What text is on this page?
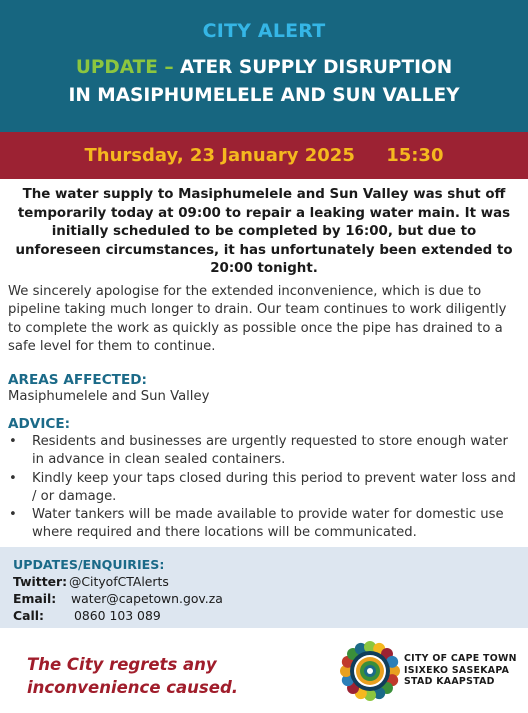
CITY ALERT
UPDATE – ATER SUPPLY DISRUPTION
IN MASIPHUMELELE AND SUN VALLEY
Thursday, 23 January 2025 15:30
The water supply to Masiphumelele and Sun Valley was shut off temporarily today at 09:00 to repair a leaking water main. It was initially scheduled to be completed by 16:00, but due to unforeseen circumstances, it has unfortunately been extended to 20:00 tonight.
We sincerely apologise for the extended inconvenience, which is due to pipeline taking much longer to drain. Our team continues to work diligently to complete the work as quickly as possible once the pipe has drained to a safe level for them to continue.
AREAS AFFECTED:
Masiphumelele and Sun Valley
ADVICE:
• Residents and businesses are urgently requested to store enough water in advance in clean sealed containers.
• Kindly keep your taps closed during this period to prevent water loss and / or damage.
• Water tankers will be made available to provide water for domestic use where required and there locations will be communicated.
UPDATES/ENQUIRIES:
Twitter: @CityofCTAlerts
Email: water@capetown.gov.za
Call: 0860 103 089
The City regrets any
inconvenience caused.
CITY OF CAPE TOWN
ISIXEKO SASEKAPA
STAD KAAPSTAD
